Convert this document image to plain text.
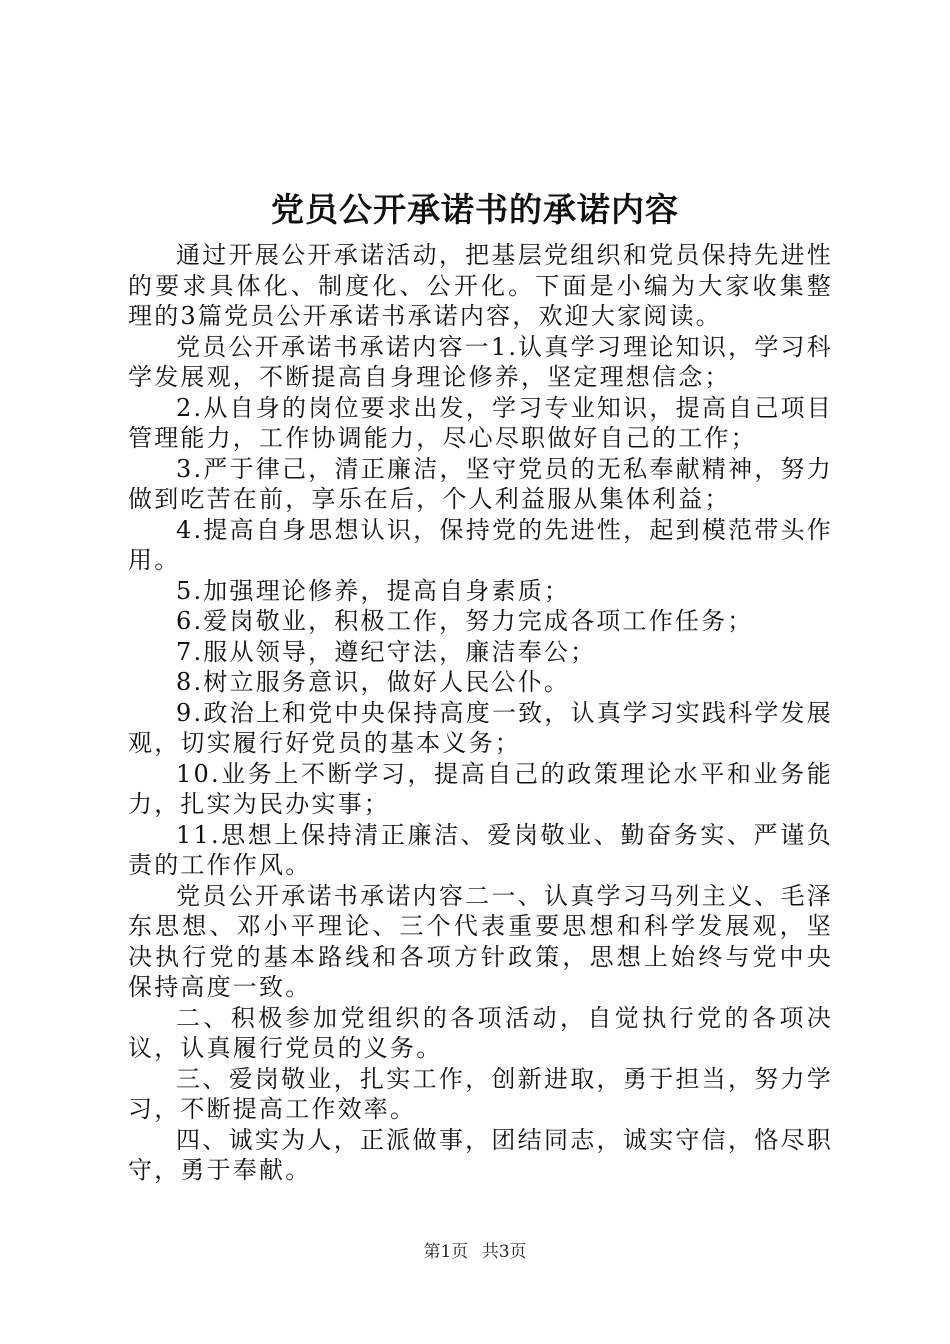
党员公开承诺书的承诺内容

通过开展公开承诺活动，把基层党组织和党员保持先进性的要求具体化、制度化、公开化。下面是小编为大家收集整理的3篇党员公开承诺书承诺内容，欢迎大家阅读。

党员公开承诺书承诺内容一1.认真学习理论知识，学习科学发展观，不断提高自身理论修养，坚定理想信念；

2.从自身的岗位要求出发，学习专业知识，提高自己项目管理能力，工作协调能力，尽心尽职做好自己的工作；

3.严于律己，清正廉洁，坚守党员的无私奉献精神，努力做到吃苦在前，享乐在后，个人利益服从集体利益；

4.提高自身思想认识，保持党的先进性，起到模范带头作用。

5.加强理论修养，提高自身素质；

6.爱岗敬业，积极工作，努力完成各项工作任务；

7.服从领导，遵纪守法，廉洁奉公；

8.树立服务意识，做好人民公仆。

9.政治上和党中央保持高度一致，认真学习实践科学发展观，切实履行好党员的基本义务；

10.业务上不断学习，提高自己的政策理论水平和业务能力，扎实为民办实事；

11.思想上保持清正廉洁、爱岗敬业、勤奋务实、严谨负责的工作作风。

党员公开承诺书承诺内容二一、认真学习马列主义、毛泽东思想、邓小平理论、三个代表重要思想和科学发展观，坚决执行党的基本路线和各项方针政策，思想上始终与党中央保持高度一致。

二、积极参加党组织的各项活动，自觉执行党的各项决议，认真履行党员的义务。

三、爱岗敬业，扎实工作，创新进取，勇于担当，努力学习，不断提高工作效率。

四、诚实为人，正派做事，团结同志，诚实守信，恪尽职守，勇于奉献。

第1页 共3页
